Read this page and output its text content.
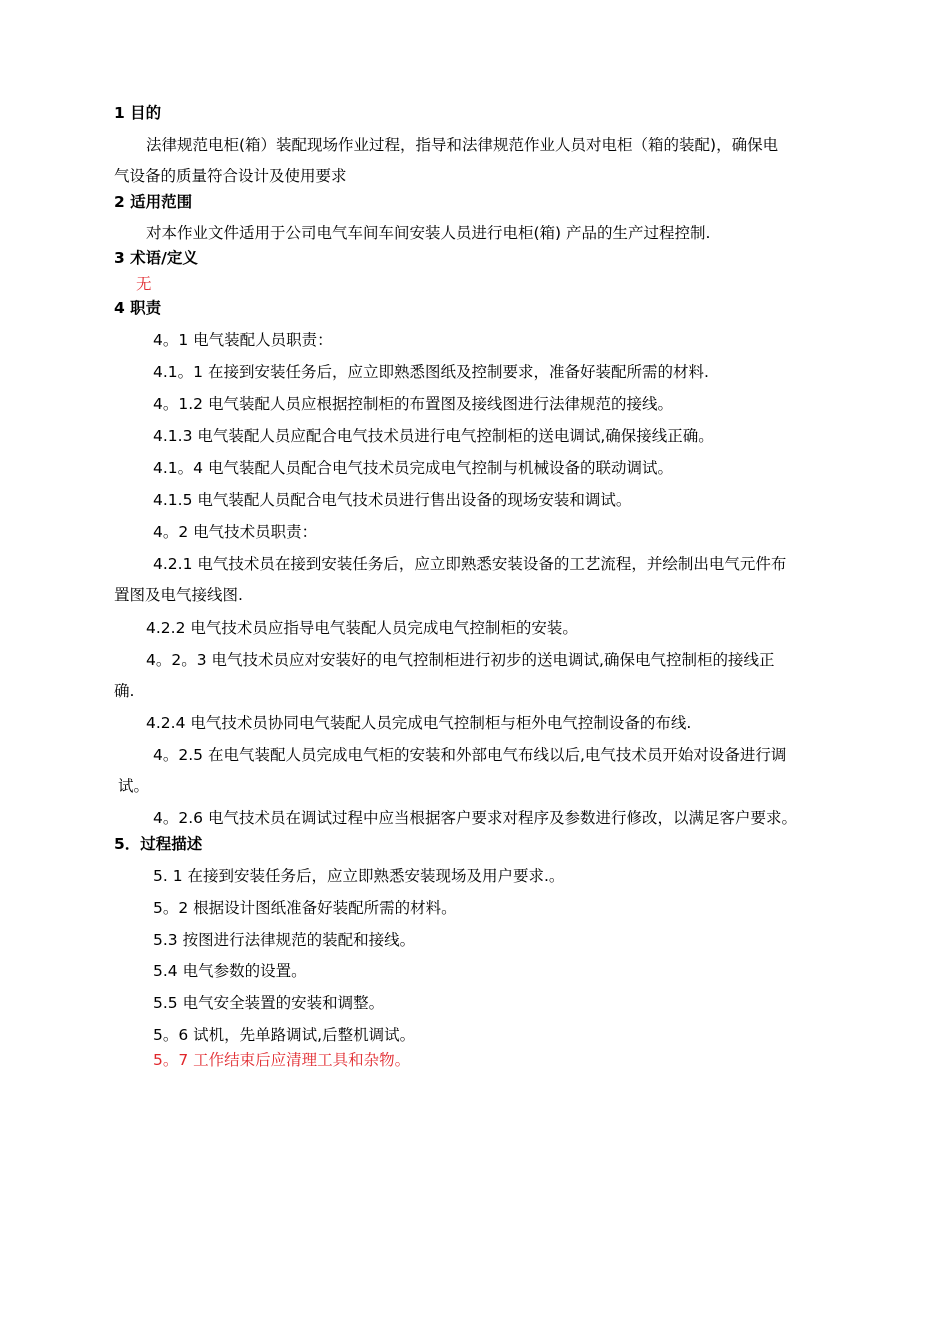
1 目的
法律规范电柜(箱）装配现场作业过程，指导和法律规范作业人员对电柜（箱的装配)，确保电
气设备的质量符合设计及使用要求
2 适用范围
对本作业文件适用于公司电气车间车间安装人员进行电柜(箱) 产品的生产过程控制.
3 术语/定义
无
4 职责
4。1 电气装配人员职责：
4.1。1 在接到安装任务后，应立即熟悉图纸及控制要求，准备好装配所需的材料.
4。1.2 电气装配人员应根据控制柜的布置图及接线图进行法律规范的接线。
4.1.3 电气装配人员应配合电气技术员进行电气控制柜的送电调试,确保接线正确。
4.1。4 电气装配人员配合电气技术员完成电气控制与机械设备的联动调试。
4.1.5 电气装配人员配合电气技术员进行售出设备的现场安装和调试。
4。2 电气技术员职责：
4.2.1 电气技术员在接到安装任务后，应立即熟悉安装设备的工艺流程，并绘制出电气元件布
置图及电气接线图.
4.2.2 电气技术员应指导电气装配人员完成电气控制柜的安装。
4。2。3 电气技术员应对安装好的电气控制柜进行初步的送电调试,确保电气控制柜的接线正
确.
4.2.4 电气技术员协同电气装配人员完成电气控制柜与柜外电气控制设备的布线.
4。2.5 在电气装配人员完成电气柜的安装和外部电气布线以后,电气技术员开始对设备进行调
试。
4。2.6 电气技术员在调试过程中应当根据客户要求对程序及参数进行修改，以满足客户要求。
5．过程描述
5. 1 在接到安装任务后，应立即熟悉安装现场及用户要求.。
5。2 根据设计图纸准备好装配所需的材料。
5.3 按图进行法律规范的装配和接线。
5.4 电气参数的设置。
5.5 电气安全装置的安装和调整。
5。6 试机，先单路调试,后整机调试。
5。7 工作结束后应清理工具和杂物。
